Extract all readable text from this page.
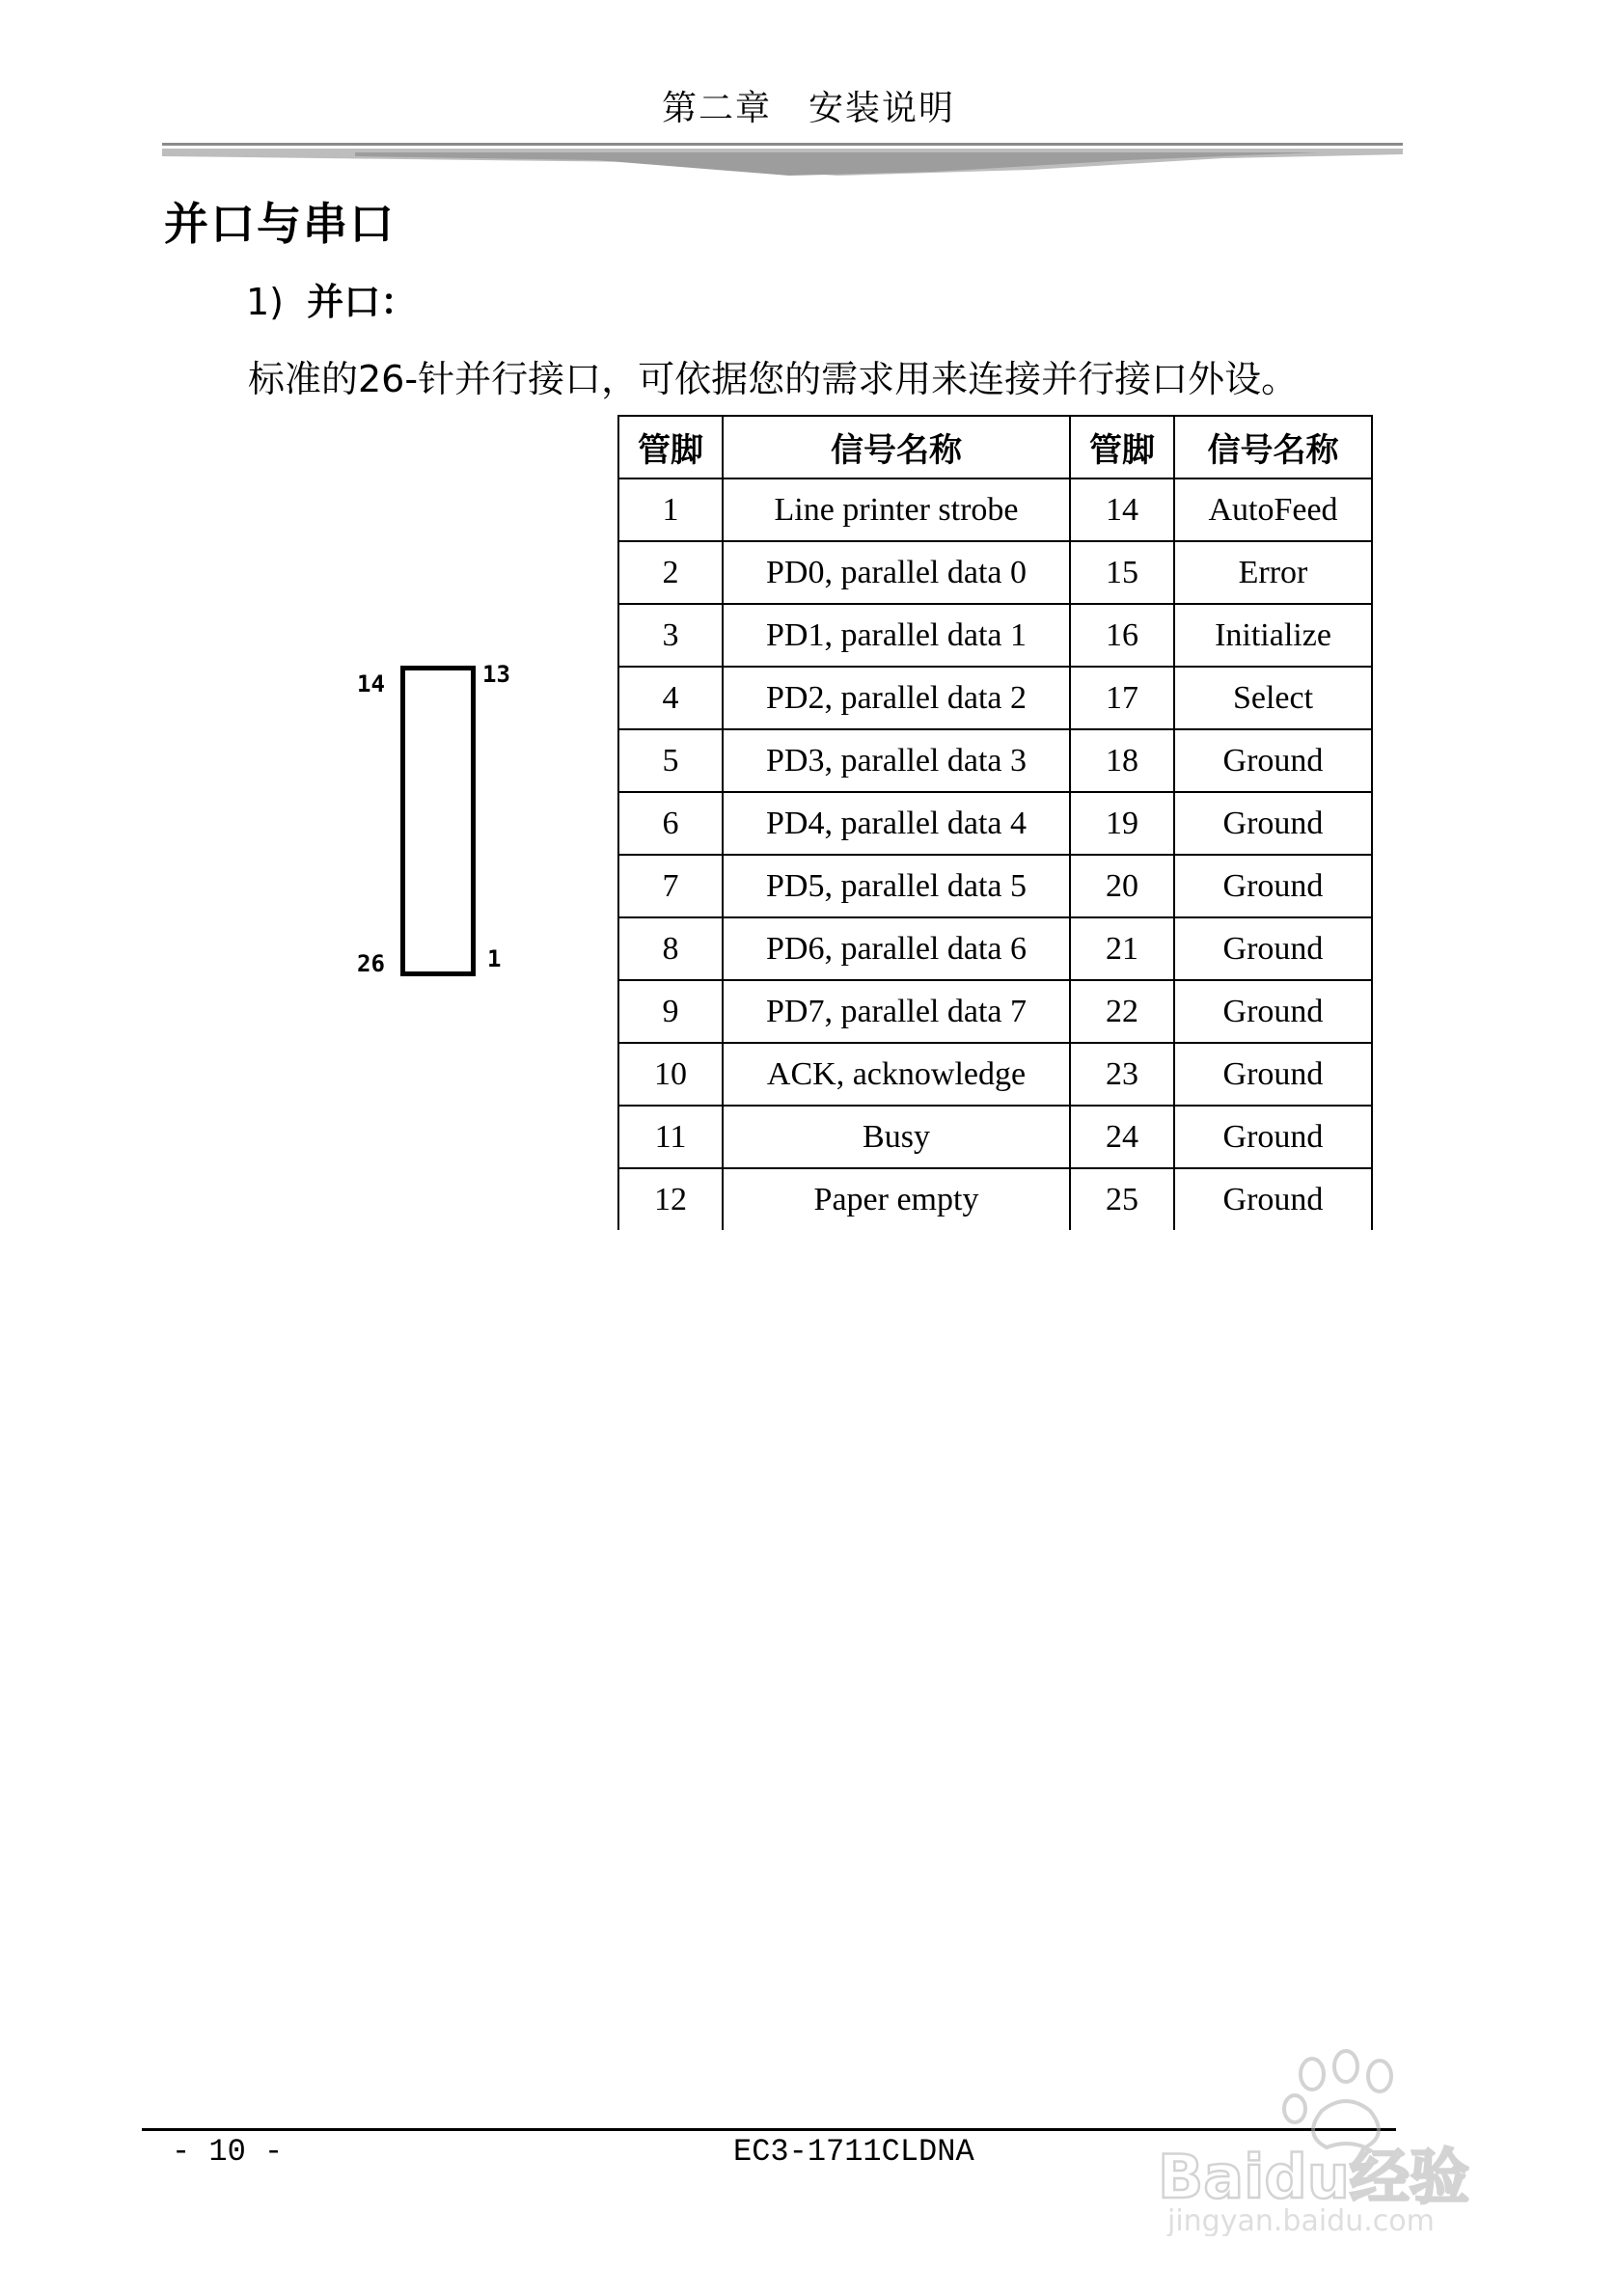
第二章　安装说明
并口与串口
1) 并口：
标准的26-针并行接口，可依据您的需求用来连接并行接口外设。
14	13
26	1
管脚	信号名称	管脚	信号名称
1	Line printer strobe	14	AutoFeed
2	PD0, parallel data 0	15	Error
3	PD1, parallel data 1	16	Initialize
4	PD2, parallel data 2	17	Select
5	PD3, parallel data 3	18	Ground
6	PD4, parallel data 4	19	Ground
7	PD5, parallel data 5	20	Ground
8	PD6, parallel data 6	21	Ground
9	PD7, parallel data 7	22	Ground
10	ACK, acknowledge	23	Ground
11	Busy	24	Ground
12	Paper empty	25	Ground
- 10 -	EC3-1711CLDNA	Baidu经验
jingyan.baidu.com
